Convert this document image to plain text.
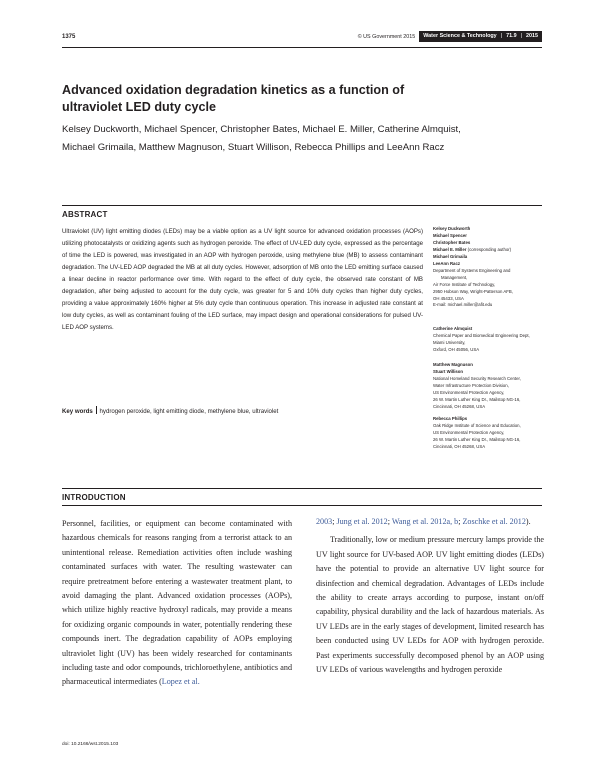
1375	© US Government 2015	Water Science & Technology	71.9	2015
Advanced oxidation degradation kinetics as a function of ultraviolet LED duty cycle
Kelsey Duckworth, Michael Spencer, Christopher Bates, Michael E. Miller, Catherine Almquist, Michael Grimaila, Matthew Magnuson, Stuart Willison, Rebecca Phillips and LeeAnn Racz
ABSTRACT
Ultraviolet (UV) light emitting diodes (LEDs) may be a viable option as a UV light source for advanced oxidation processes (AOPs) utilizing photocatalysts or oxidizing agents such as hydrogen peroxide. The effect of UV-LED duty cycle, expressed as the percentage of time the LED is powered, was investigated in an AOP with hydrogen peroxide, using methylene blue (MB) to assess contaminant degradation. The UV-LED AOP degraded the MB at all duty cycles. However, adsorption of MB onto the LED emitting surface caused a linear decline in reactor performance over time. With regard to the effect of duty cycle, the observed rate constant of MB degradation, after being adjusted to account for the duty cycle, was greater for 5 and 10% duty cycles than higher duty cycles, providing a value approximately 160% higher at 5% duty cycle than continuous operation. This increase in adjusted rate constant at low duty cycles, as well as contaminant fouling of the LED surface, may impact design and operational considerations for pulsed UV-LED AOP systems.
Key words hydrogen peroxide, light emitting diode, methylene blue, ultraviolet
Kelsey Duckworth
Michael Spencer
Christopher Bates
Michael E. Miller (corresponding author)
Michael Grimaila
LeeAnn Racz
Department of Systems Engineering and
Management,
Air Force Institute of Technology,
2950 Hobson Way, Wright-Patterson AFB,
OH 45433, USA
E-mail: michael.miller@afit.edu
Catherine Almquist
Chemical Paper and Biomedical Engineering Dept,
Miami University,
Oxford, OH 45056, USA
Matthew Magnuson
Stuart Willison
National Homeland Security Research Center,
Water Infrastructure Protection Division,
US Environmental Protection Agency,
26 W. Martin Luther King Dr., Mailstop NG-16,
Cincinnati, OH 45268, USA
Rebecca Phillips
Oak Ridge Institute of Science and Education,
US Environmental Protection Agency,
26 W. Martin Luther King Dr., Mailstop NG-16,
Cincinnati, OH 45268, USA
INTRODUCTION
Personnel, facilities, or equipment can become contaminated with hazardous chemicals for reasons ranging from a terrorist attack to an unintentional release. Remediation activities often include washing contaminated surfaces with water. The resulting wastewater can require pretreatment before entering a wastewater treatment plant, to avoid damaging the plant. Advanced oxidation processes (AOPs), which utilize highly reactive hydroxyl radicals, may provide a means for oxidizing organic compounds in water, potentially rendering these compounds inert. The degradation capability of AOPs employing ultraviolet light (UV) has been widely researched for contaminants including taste and odor compounds, trichloroethylene, antibiotics and pharmaceutical intermediates (Lopez et al.
2003; Jung et al. 2012; Wang et al. 2012a, b; Zoschke et al. 2012).
Traditionally, low or medium pressure mercury lamps provide the UV light source for UV-based AOP. UV light emitting diodes (LEDs) have the potential to provide an alternative UV light source for disinfection and chemical degradation. Advantages of LEDs include the ability to create arrays according to purpose, instant on/off capability, physical durability and the lack of hazardous materials. As UV LEDs are in the early stages of development, limited research has been conducted using UV LEDs for AOP with hydrogen peroxide. Past experiments successfully decomposed phenol by an AOP using UV LEDs of various wavelengths and hydrogen peroxide
doi: 10.2166/wst.2015.103
